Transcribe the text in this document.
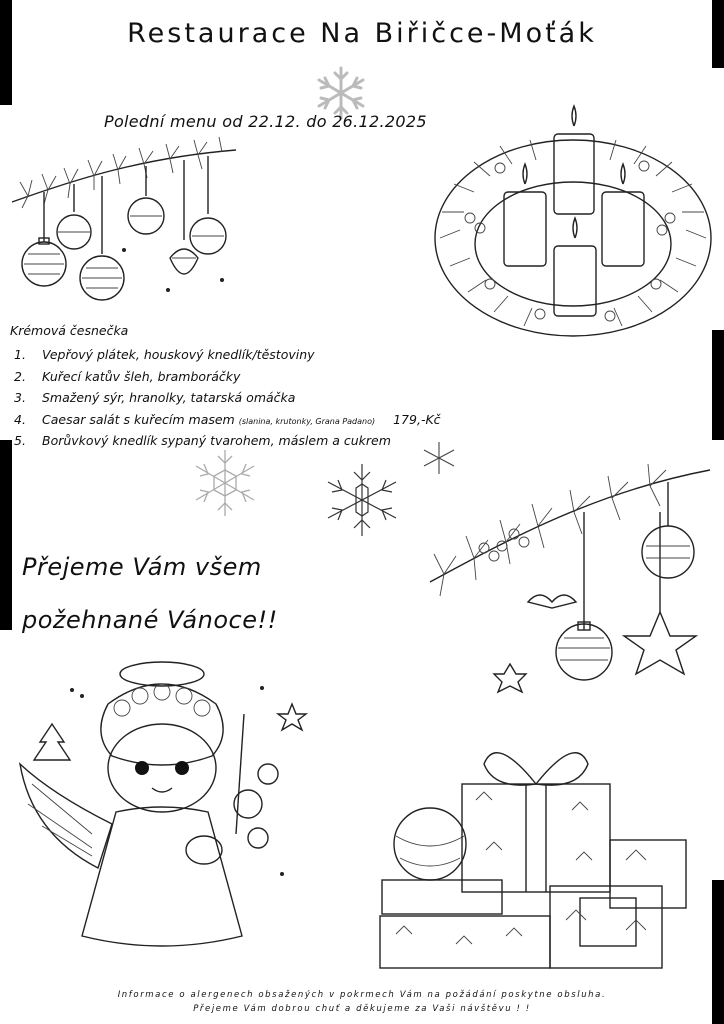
Restaurace Na Biřičce-Moťák
Polední menu od 22.12. do 26.12.2025
Krémová česnečka
1. Vepřový plátek, houskový knedlík/těstoviny
2. Kuřecí katův šleh, bramboráčky
3. Smažený sýr, hranolky, tatarská omáčka
4. Caesar salát s kuřecím masem (slanina, krutonky, Grana Padano) 179,-Kč
5. Borůvkový knedlík sypaný tvarohem, máslem a cukrem
Přejeme Vám všem
požehnané Vánoce!!
Informace o alergenech obsažených v pokrmech Vám na požádání poskytne obsluha.
Přejeme Vám dobrou chuť a děkujeme za Vaši návštěvu ! !
